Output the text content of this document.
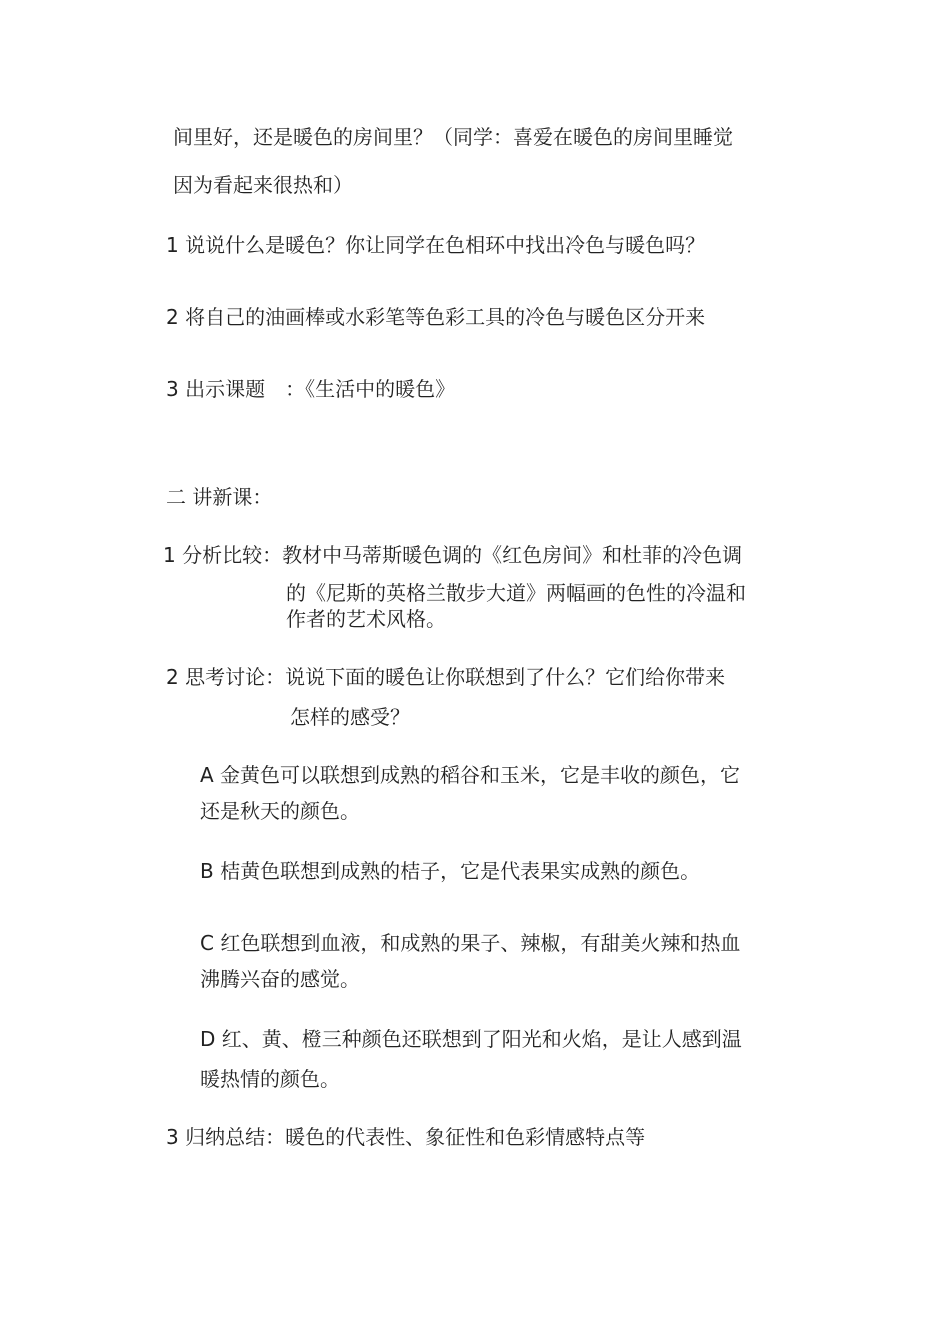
间里好，还是暖色的房间里？（同学：喜爱在暖色的房间里睡觉
因为看起来很热和）
1 说说什么是暖色？你让同学在色相环中找出冷色与暖色吗？
2 将自己的油画棒或水彩笔等色彩工具的冷色与暖色区分开来
3 出示课题　：《生活中的暖色》
二 讲新课：
1 分析比较：教材中马蒂斯暖色调的《红色房间》和杜菲的冷色调
的《尼斯的英格兰散步大道》两幅画的色性的冷温和
作者的艺术风格。
2 思考讨论：说说下面的暖色让你联想到了什么？它们给你带来
怎样的感受？
A 金黄色可以联想到成熟的稻谷和玉米，它是丰收的颜色，它
还是秋天的颜色。
B 桔黄色联想到成熟的桔子，它是代表果实成熟的颜色。
C 红色联想到血液，和成熟的果子、辣椒，有甜美火辣和热血
沸腾兴奋的感觉。
D 红、黄、橙三种颜色还联想到了阳光和火焰，是让人感到温
暖热情的颜色。
3 归纳总结：暖色的代表性、象征性和色彩情感特点等
